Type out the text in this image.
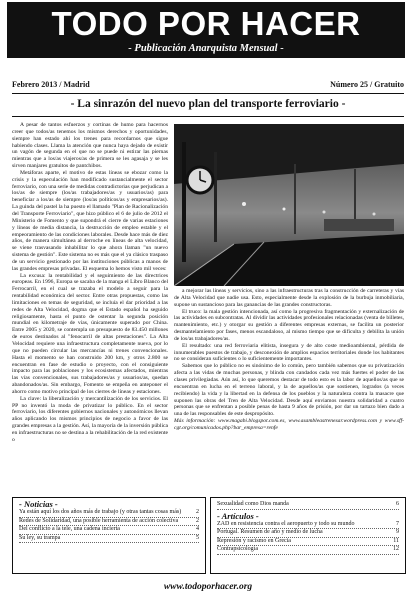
TODO POR HACER
- Publicación Anarquista Mensual -
Febrero 2013 / Madrid	Número 25 / Gratuito
- La sinrazón del nuevo plan del transporte ferroviario -

A pesar de tantos esfuerzos y cortinas de humo para hacernos creer que todos/as tenemos los mismos derechos y oportunidades, siempre han estado ahí los trenes para recordarnos que sigue habiendo clases. Llama la atención que nunca haya dejado de existir un vagón de segunda en el que no se puede ni estirar las piernas mientras que a los/as viajeros/as de primera se les agasaja y se les sirven manjares gratuitos de pantchibos.

Metáforas aparte, el motivo de estas líneas se ebozar como la crisis y la especulación han modificado sustancialmente el sector ferroviario, con una serie de medidas contradictorias que perjudican a los/as de siempre (los/as trabajadores/as y usuarios/as) para beneficiar a los/as de siempre (los/as políticos/as y empresarios/as). La guinda del pastel la ha puesto el llamado "Plan de Racionalización del Transporte Ferroviario", que hizo público el 6 de julio de 2012 el Ministerio de Fomento y que supondrá el cierre de varias estaciones y líneas de media distancia, la destrucción de empleo estable y el empeoramiento de las condiciones laborales. Desde hace más de diez años, de manera simultánea al derroche en líneas de alta velocidad, se viene trasvasando inhabilitar lo que ahora llaman "un nuevo sistema de gestión". Este sistema no es más que el ya clásico traspaso de un servicio gestionado por las instituciones públicas a manos de las grandes empresas privadas. El esquema lo hemos visto mil veces:

La excusa: la rentabilidad y el seguimiento de las directrices europeas. En 1996, Europa se sacaba de la manga el Libro Blanco del Ferrocarril, en el cual se trazaba el modelo a seguir para la rentabilidad económica del sector. Entre otras propuestas, como las limitaciones en temas de seguridad, se incluía el dar prioridad a las redes de Alta Velocidad, dogma que el Estado español ha seguido religiosamente, hasta el punto de ostentar la segunda posición mundial en kilometraje de vías, únicamente superado por China. Entre 2005 y 2020, se contempla un presupuesto de 83.450 millones de euros destinados al "fenocarril de altas prestaciones". La Alta Velocidad requiere una infraestructura completamente nueva, por lo que no pueden circular las mercancías ni trenes convencionales. Hasta el momento se han construido 200 km, y otros 2.800 se encuentran en fase de estudio o proyecto, con el consiguiente impacto para las poblaciones y los ecosistemas afectados, mientras las vías convencionales, sus trabajadores/as y usuarios/as, quedan abandonados/as. Sin embargo, Fomento se empeña en anteponer el ahorro como motivo principal de los cierres de líneas y estaciones.

La clave: la liberalización y mercantilización de los servicios. El PP no inventó la moda de privatizar lo público. En el sector ferroviario, los diferentes gobiernos nacionales y autonómicos llevan años aplicando los mismos principios de negocio a favor de las grandes empresas a la gestión. Así, la mayoría de la inversión pública en infraestructuras no se destina a la rehabilitación de la red existente o

a mejorar las líneas y servicios, sino a las infraestructuras tras la construcción de carreteras y vías de Alta Velocidad que nadie usa. Esto, especialmente desde la explosión de la burbuja inmobiliaria, supone un sustancioso para las ganancias de las grandes constructoras.

El truco: la mala gestión intencionada, así como la progresiva fragmentación y externalización de las actividades en subcontratas. Al dividir las actividades profesionales relacionadas (venta de billetes, mantenimiento, etc.) y otorgar su gestión a diferentes empresas externas, se facilita un posterior desmantelamiento por fases, menos escandaloso, al mismo tiempo que se dificulta y debilita la unión de los/as trabajadores/as.

El resultado: una red ferroviaria elitista, insegura y de alto coste medioambiental, pérdida de innumerables puestos de trabajo, y desconexión de amplios espacios territoriales donde los habitantes no se consideran suficientes o lo suficientemente importantes.

Sabemos que lo público no es sinónimo de lo común, pero también sabemos que su privatización afecta a las vidas de muchas personas, y blinda con candados cada vez más fuertes el poder de las clases privilegiadas. Aún así, lo que queremos destacar de todo esto es la labor de aquellos/as que se encuentran en lucha en el terreno laboral, y la de aquellos/as que sostienen, logrados (a veces recibiendo) la vida y la libertad en la defensa de los pueblos y la naturaleza contra la masacre que suponen las obras del Tren de Alta Velocidad. Desde aquí enviamos nuestra solidaridad a cuatro personas que se enfrentan a posible penas de hasta 9 años de prisión, por dar un tartazo bien dado a una de las responsables de este despropósito.

Más información: www.magabi.blogspot.com.es, www.asambleastrenesar.wordpress.com y www.sff-cgt.org/comunicados.php?bar_empresa=renfe

- Noticias -
Ya están aquí los dos años más de trabajo (y otras tantas cosas más) 2
Redes de Solidaridad, una posible herramienta de acción colectiva	2
Del conflicto a la tele, una cadena incierta	4
Su ley, su trampa	5
Sexualidad como Dios manda	6
- Artículos -
ZAD en resistencia contra el aeropuerto y todo su mundo	7
Portugal. Resumen de año y medio de lucha	9
Represión y racismo en Grecia	11
Contrapsicología	12
www.todoporhacer.org
